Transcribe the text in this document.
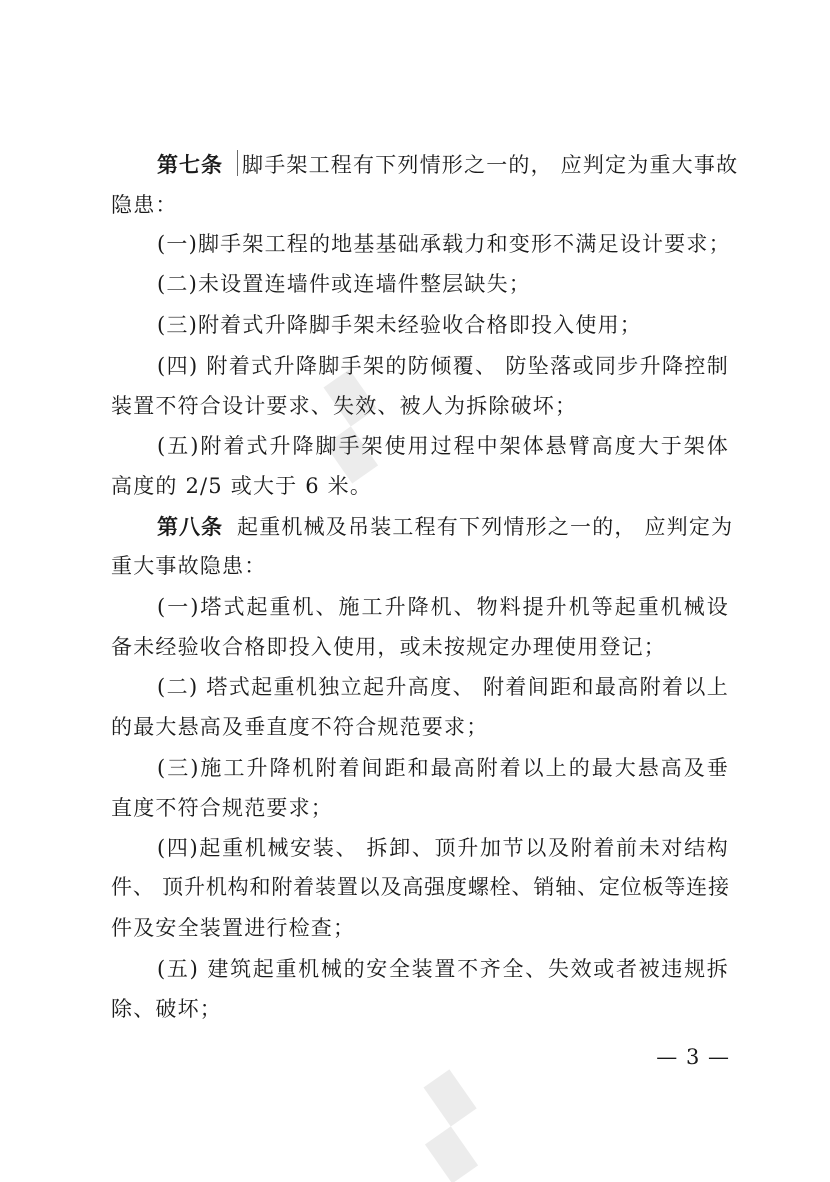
▞
▞
第七条 脚手架工程有下列情形之一的， 应判定为重大事故
隐患：
(一)脚手架工程的地基基础承载力和变形不满足设计要求；
(二)未设置连墙件或连墙件整层缺失；
(三)附着式升降脚手架未经验收合格即投入使用；
(四) 附着式升降脚手架的防倾覆、 防坠落或同步升降控制
装置不符合设计要求、失效、被人为拆除破坏；
(五)附着式升降脚手架使用过程中架体悬臂高度大于架体
高度的 2/5 或大于 6 米。
第八条 起重机械及吊装工程有下列情形之一的， 应判定为
重大事故隐患：
(一)塔式起重机、施工升降机、物料提升机等起重机械设
备未经验收合格即投入使用，或未按规定办理使用登记；
(二) 塔式起重机独立起升高度、 附着间距和最高附着以上
的最大悬高及垂直度不符合规范要求；
(三)施工升降机附着间距和最高附着以上的最大悬高及垂
直度不符合规范要求；
(四)起重机械安装、 拆卸、顶升加节以及附着前未对结构
件、 顶升机构和附着装置以及高强度螺栓、销轴、定位板等连接
件及安全装置进行检查；
(五) 建筑起重机械的安全装置不齐全、失效或者被违规拆
除、破坏；
— 3 —
